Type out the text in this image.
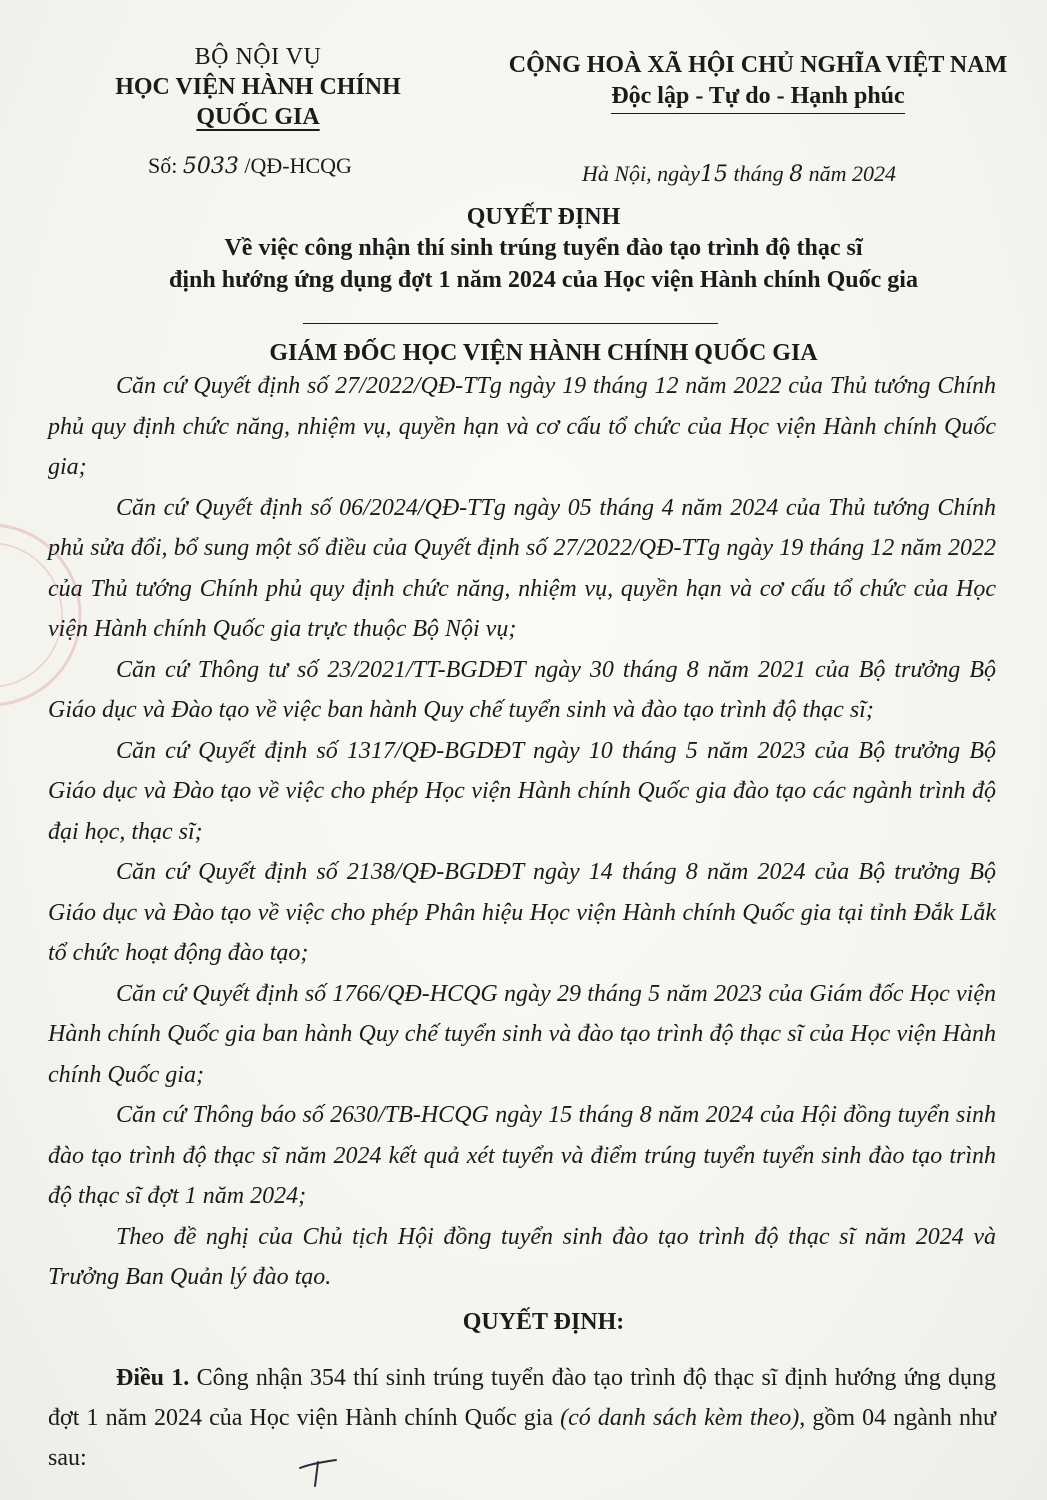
BỘ NỘI VỤ
HỌC VIỆN HÀNH CHÍNH
QUỐC GIA
Số: 5033 /QĐ-HCQG
CỘNG HOÀ XÃ HỘI CHỦ NGHĨA VIỆT NAM
Độc lập - Tự do - Hạnh phúc
Hà Nội, ngày15 tháng 8 năm 2024
QUYẾT ĐỊNH
Về việc công nhận thí sinh trúng tuyển đào tạo trình độ thạc sĩ
định hướng ứng dụng đợt 1 năm 2024 của Học viện Hành chính Quốc gia
GIÁM ĐỐC HỌC VIỆN HÀNH CHÍNH QUỐC GIA

Căn cứ Quyết định số 27/2022/QĐ-TTg ngày 19 tháng 12 năm 2022 của Thủ tướng Chính phủ quy định chức năng, nhiệm vụ, quyền hạn và cơ cấu tổ chức của Học viện Hành chính Quốc gia;

Căn cứ Quyết định số 06/2024/QĐ-TTg ngày 05 tháng 4 năm 2024 của Thủ tướng Chính phủ sửa đổi, bổ sung một số điều của Quyết định số 27/2022/QĐ-TTg ngày 19 tháng 12 năm 2022 của Thủ tướng Chính phủ quy định chức năng, nhiệm vụ, quyền hạn và cơ cấu tổ chức của Học viện Hành chính Quốc gia trực thuộc Bộ Nội vụ;

Căn cứ Thông tư số 23/2021/TT-BGDĐT ngày 30 tháng 8 năm 2021 của Bộ trưởng Bộ Giáo dục và Đào tạo về việc ban hành Quy chế tuyển sinh và đào tạo trình độ thạc sĩ;

Căn cứ Quyết định số 1317/QĐ-BGDĐT ngày 10 tháng 5 năm 2023 của Bộ trưởng Bộ Giáo dục và Đào tạo về việc cho phép Học viện Hành chính Quốc gia đào tạo các ngành trình độ đại học, thạc sĩ;

Căn cứ Quyết định số 2138/QĐ-BGDĐT ngày 14 tháng 8 năm 2024 của Bộ trưởng Bộ Giáo dục và Đào tạo về việc cho phép Phân hiệu Học viện Hành chính Quốc gia tại tỉnh Đắk Lắk tổ chức hoạt động đào tạo;

Căn cứ Quyết định số 1766/QĐ-HCQG ngày 29 tháng 5 năm 2023 của Giám đốc Học viện Hành chính Quốc gia ban hành Quy chế tuyển sinh và đào tạo trình độ thạc sĩ của Học viện Hành chính Quốc gia;

Căn cứ Thông báo số 2630/TB-HCQG ngày 15 tháng 8 năm 2024 của Hội đồng tuyển sinh đào tạo trình độ thạc sĩ năm 2024 kết quả xét tuyển và điểm trúng tuyển tuyển sinh đào tạo trình độ thạc sĩ đợt 1 năm 2024;

Theo đề nghị của Chủ tịch Hội đồng tuyển sinh đào tạo trình độ thạc sĩ năm 2024 và Trưởng Ban Quản lý đào tạo.

QUYẾT ĐỊNH:

Điều 1. Công nhận 354 thí sinh trúng tuyển đào tạo trình độ thạc sĩ định hướng ứng dụng đợt 1 năm 2024 của Học viện Hành chính Quốc gia (có danh sách kèm theo), gồm 04 ngành như sau:
